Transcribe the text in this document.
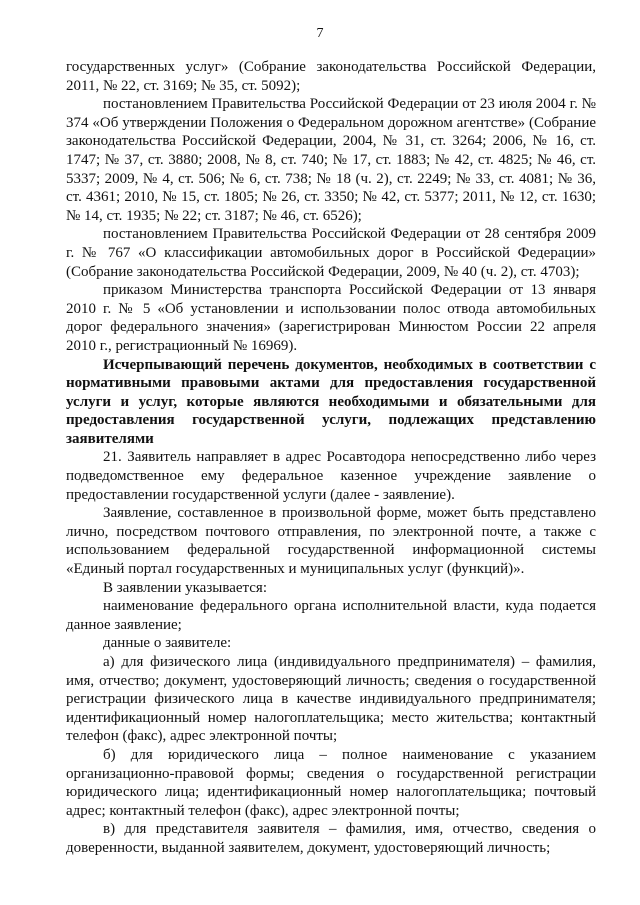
7

государственных услуг» (Собрание законодательства Российской Федерации, 2011, № 22, ст. 3169; № 35, ст. 5092);

постановлением Правительства Российской Федерации от 23 июля 2004 г. № 374 «Об утверждении Положения о Федеральном дорожном агентстве» (Собрание законодательства Российской Федерации, 2004, № 31, ст. 3264; 2006, № 16, ст. 1747; № 37, ст. 3880; 2008, № 8, ст. 740; № 17, ст. 1883; № 42, ст. 4825; № 46, ст. 5337; 2009, № 4, ст. 506; № 6, ст. 738; № 18 (ч. 2), ст. 2249; № 33, ст. 4081; № 36, ст. 4361; 2010, № 15, ст. 1805; № 26, ст. 3350; № 42, ст. 5377; 2011, № 12, ст. 1630; № 14, ст. 1935; № 22; ст. 3187; № 46, ст. 6526);

постановлением Правительства Российской Федерации от 28 сентября 2009 г. № 767 «О классификации автомобильных дорог в Российской Федерации» (Собрание законодательства Российской Федерации, 2009, № 40 (ч. 2), ст. 4703);

приказом Министерства транспорта Российской Федерации от 13 января 2010 г. № 5 «Об установлении и использовании полос отвода автомобильных дорог федерального значения» (зарегистрирован Минюстом России 22 апреля 2010 г., регистрационный № 16969).

Исчерпывающий перечень документов, необходимых в соответствии с нормативными правовыми актами для предоставления государственной услуги и услуг, которые являются необходимыми и обязательными для предоставления государственной услуги, подлежащих представлению заявителями

21. Заявитель направляет в адрес Росавтодора непосредственно либо через подведомственное ему федеральное казенное учреждение заявление о предоставлении государственной услуги (далее - заявление).

Заявление, составленное в произвольной форме, может быть представлено лично, посредством почтового отправления, по электронной почте, а также с использованием федеральной государственной информационной системы «Единый портал государственных и муниципальных услуг (функций)».

В заявлении указывается:

наименование федерального органа исполнительной власти, куда подается данное заявление;

данные о заявителе:

а) для физического лица (индивидуального предпринимателя) – фамилия, имя, отчество; документ, удостоверяющий личность; сведения о государственной регистрации физического лица в качестве индивидуального предпринимателя; идентификационный номер налогоплательщика; место жительства; контактный телефон (факс), адрес электронной почты;

б) для юридического лица – полное наименование с указанием организационно-правовой формы; сведения о государственной регистрации юридического лица; идентификационный номер налогоплательщика; почтовый адрес; контактный телефон (факс), адрес электронной почты;

в) для представителя заявителя – фамилия, имя, отчество, сведения о доверенности, выданной заявителем, документ, удостоверяющий личность;
